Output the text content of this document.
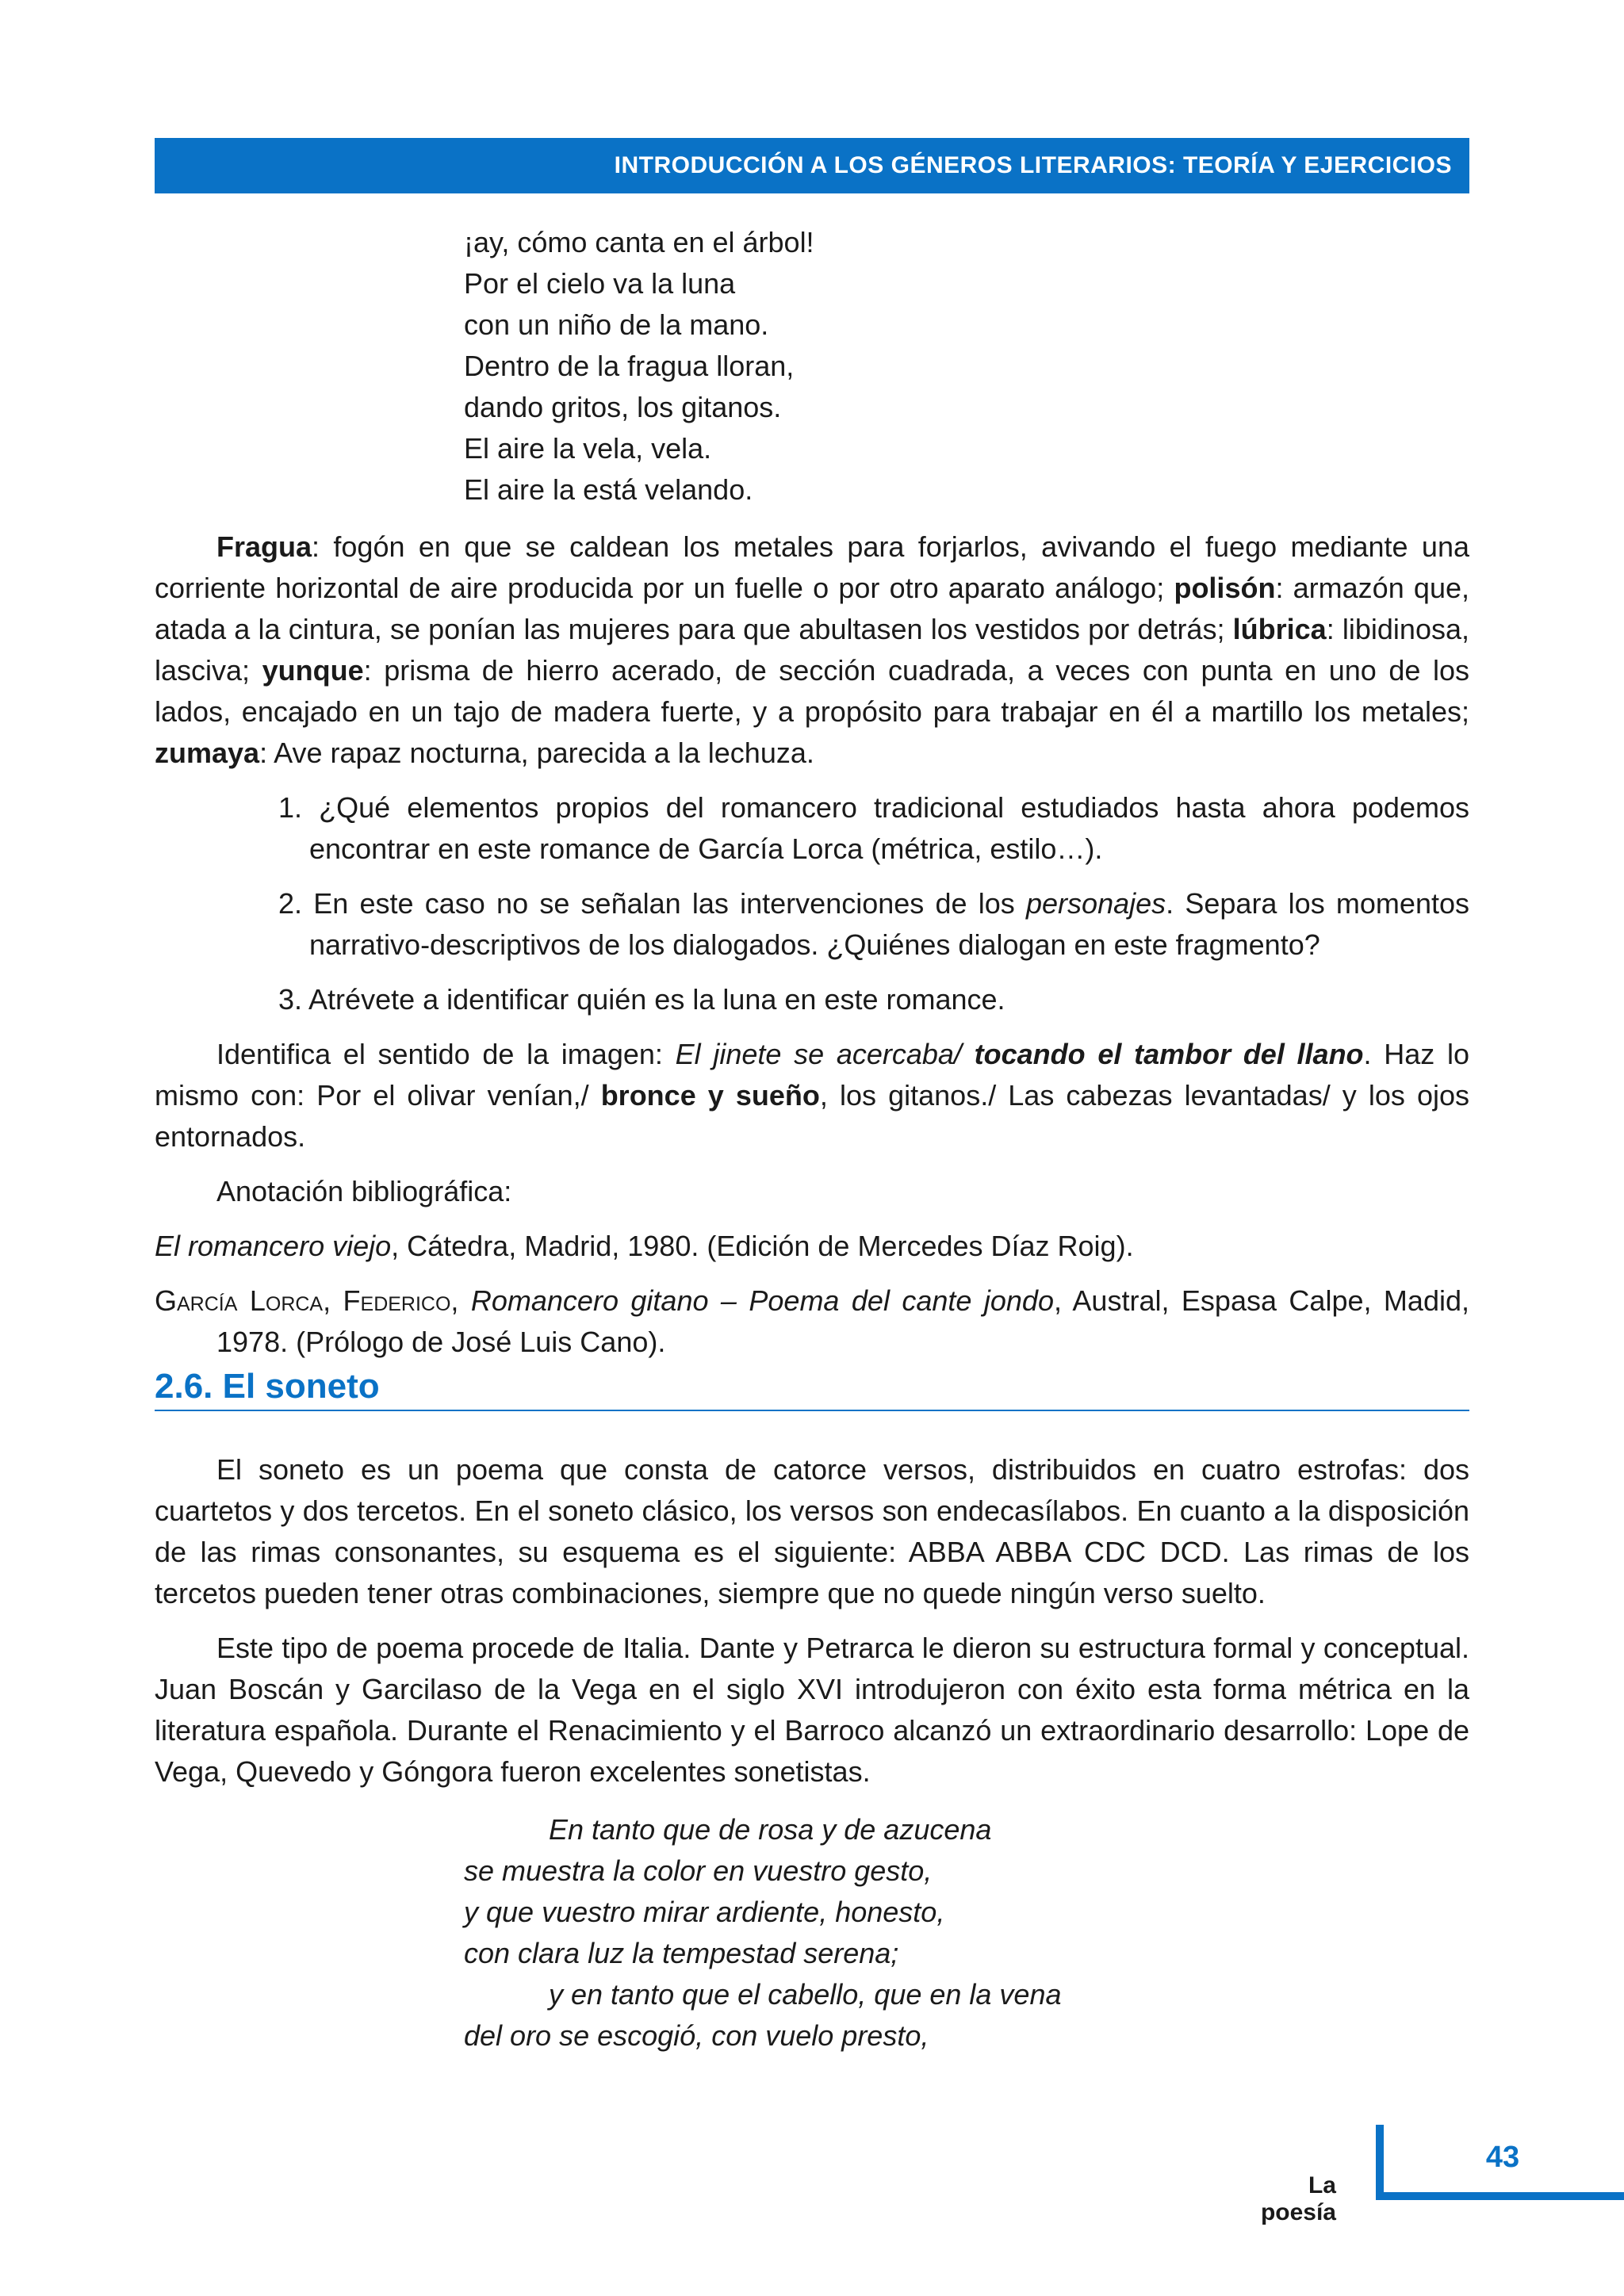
INTRODUCCIÓN A LOS GÉNEROS LITERARIOS: TEORÍA Y EJERCICIOS
¡ay, cómo canta en el árbol!
Por el cielo va la luna
con un niño de la mano.
Dentro de la fragua lloran,
dando gritos, los gitanos.
El aire la vela, vela.
El aire la está velando.

Fragua: fogón en que se caldean los metales para forjarlos, avivando el fuego mediante una corriente horizontal de aire producida por un fuelle o por otro aparato análogo; polisón: armazón que, atada a la cintura, se ponían las mujeres para que abultasen los vestidos por detrás; lúbrica: libidinosa, lasciva; yunque: prisma de hierro acerado, de sección cuadrada, a veces con punta en uno de los lados, encajado en un tajo de madera fuerte, y a propósito para trabajar en él a martillo los metales; zumaya: Ave rapaz nocturna, parecida a la lechuza.

1. ¿Qué elementos propios del romancero tradicional estudiados hasta ahora podemos encontrar en este romance de García Lorca (métrica, estilo…).

2. En este caso no se señalan las intervenciones de los personajes. Separa los momentos narrativo-descriptivos de los dialogados. ¿Quiénes dialogan en este fragmento?

3. Atrévete a identificar quién es la luna en este romance.

Identifica el sentido de la imagen: El jinete se acercaba/ tocando el tambor del llano. Haz lo mismo con: Por el olivar venían,/ bronce y sueño, los gitanos./ Las cabezas levantadas/ y los ojos entornados.

Anotación bibliográfica:

El romancero viejo, Cátedra, Madrid, 1980. (Edición de Mercedes Díaz Roig).

García Lorca, Federico, Romancero gitano – Poema del cante jondo, Austral, Espasa Calpe, Madid, 1978. (Prólogo de José Luis Cano).

2.6. El soneto

El soneto es un poema que consta de catorce versos, distribuidos en cuatro estrofas: dos cuartetos y dos tercetos. En el soneto clásico, los versos son endecasílabos. En cuanto a la disposición de las rimas consonantes, su esquema es el siguiente: ABBA ABBA CDC DCD. Las rimas de los tercetos pueden tener otras combinaciones, siempre que no quede ningún verso suelto.

Este tipo de poema procede de Italia. Dante y Petrarca le dieron su estructura formal y conceptual. Juan Boscán y Garcilaso de la Vega en el siglo XVI introdujeron con éxito esta forma métrica en la literatura española. Durante el Renacimiento y el Barroco alcanzó un extraordinario desarrollo: Lope de Vega, Quevedo y Góngora fueron excelentes sonetistas.

En tanto que de rosa y de azucena
se muestra la color en vuestro gesto,
y que vuestro mirar ardiente, honesto,
con clara luz la tempestad serena;
y en tanto que el cabello, que en la vena
del oro se escogió, con vuelo presto,
43
La poesía
